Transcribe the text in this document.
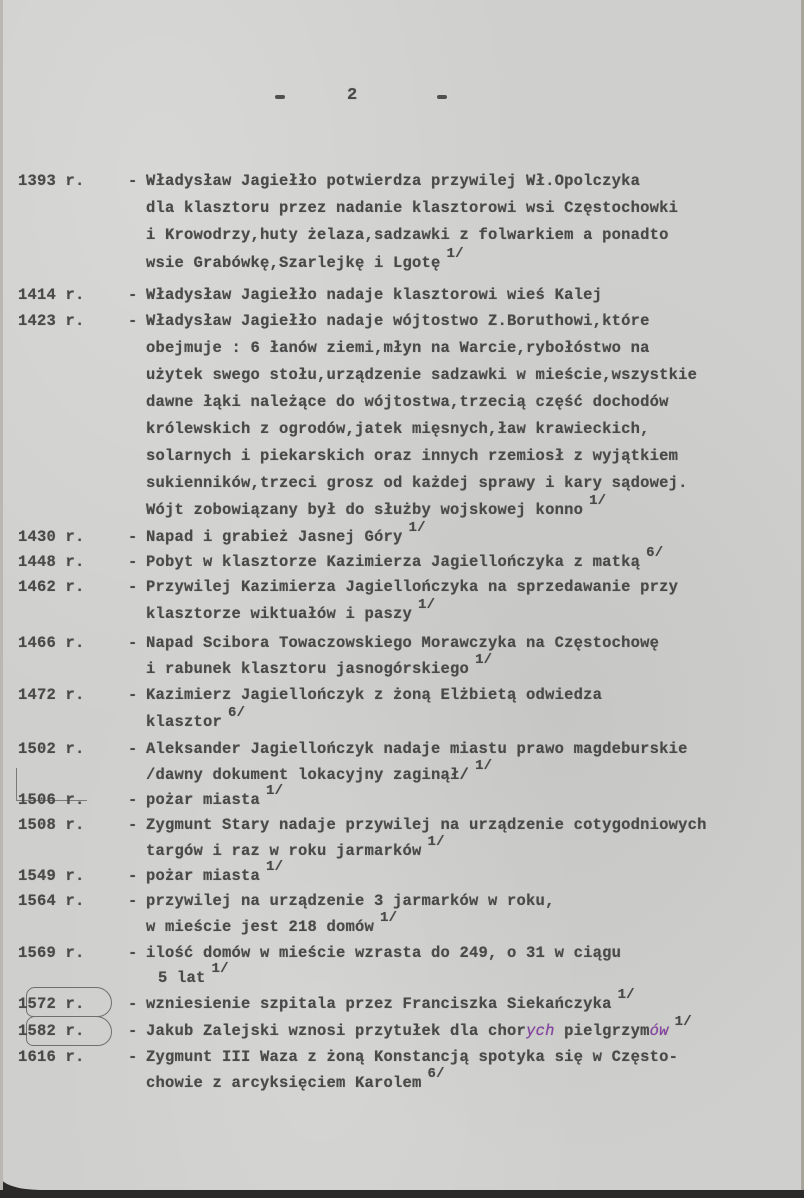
2
1393 r.	- Władysław Jagiełło potwierdza przywilej Wł.Opolczyka
dla klasztoru przez nadanie klasztorowi wsi Częstochowki
i Krowodrzy,huty żelaza,sadzawki z folwarkiem a ponadto
wsie Grabówkę,Szarlejkę i Lgotę 1/
1414 r.	- Władysław Jagiełło nadaje klasztorowi wieś Kalej
1423 r.	- Władysław Jagiełło nadaje wójtostwo Z.Boruthowi,które
obejmuje : 6 łanów ziemi,młyn na Warcie,rybołóstwo na
użytek swego stołu,urządzenie sadzawki w mieście,wszystkie
dawne łąki należące do wójtostwa,trzecią część dochodów
królewskich z ogrodów,jatek mięsnych,ław krawieckich,
solarnych i piekarskich oraz innych rzemiosł z wyjątkiem
sukienników,trzeci grosz od każdej sprawy i kary sądowej.
Wójt zobowiązany był do służby wojskowej konno 1/
1430 r.	- Napad i grabież Jasnej Góry 1/
1448 r.	- Pobyt w klasztorze Kazimierza Jagiellończyka z matką 6/
1462 r.	- Przywilej Kazimierza Jagiellończyka na sprzedawanie przy
klasztorze wiktuałów i paszy 1/
1466 r.	- Napad Scibora Towaczowskiego Morawczyka na Częstochowę
i rabunek klasztoru jasnogórskiego 1/
1472 r.	- Kazimierz Jagiellończyk z żoną Elżbietą odwiedza
klasztor 6/
1502 r.	- Aleksander Jagiellończyk nadaje miastu prawo magdeburskie
/dawny dokument lokacyjny zaginął/ 1/
1506 r.	- pożar miasta 1/
1508 r.	- Zygmunt Stary nadaje przywilej na urządzenie cotygodniowych
targów i raz w roku jarmarków 1/
1549 r.	- pożar miasta 1/
1564 r.	- przywilej na urządzenie 3 jarmarków w roku,
w mieście jest 218 domów 1/
1569 r.	- ilość domów w mieście wzrasta do 249, o 31 w ciągu
5 lat 1/
1572 r.	- wzniesienie szpitala przez Franciszka Siekańczyka 1/
1582 r.	- Jakub Zalejski wznosi przytułek dla chorych pielgrzymów 1/
1616 r.	- Zygmunt III Waza z żoną Konstancją spotyka się w Często-
chowie z arcyksięciem Karolem 6/
